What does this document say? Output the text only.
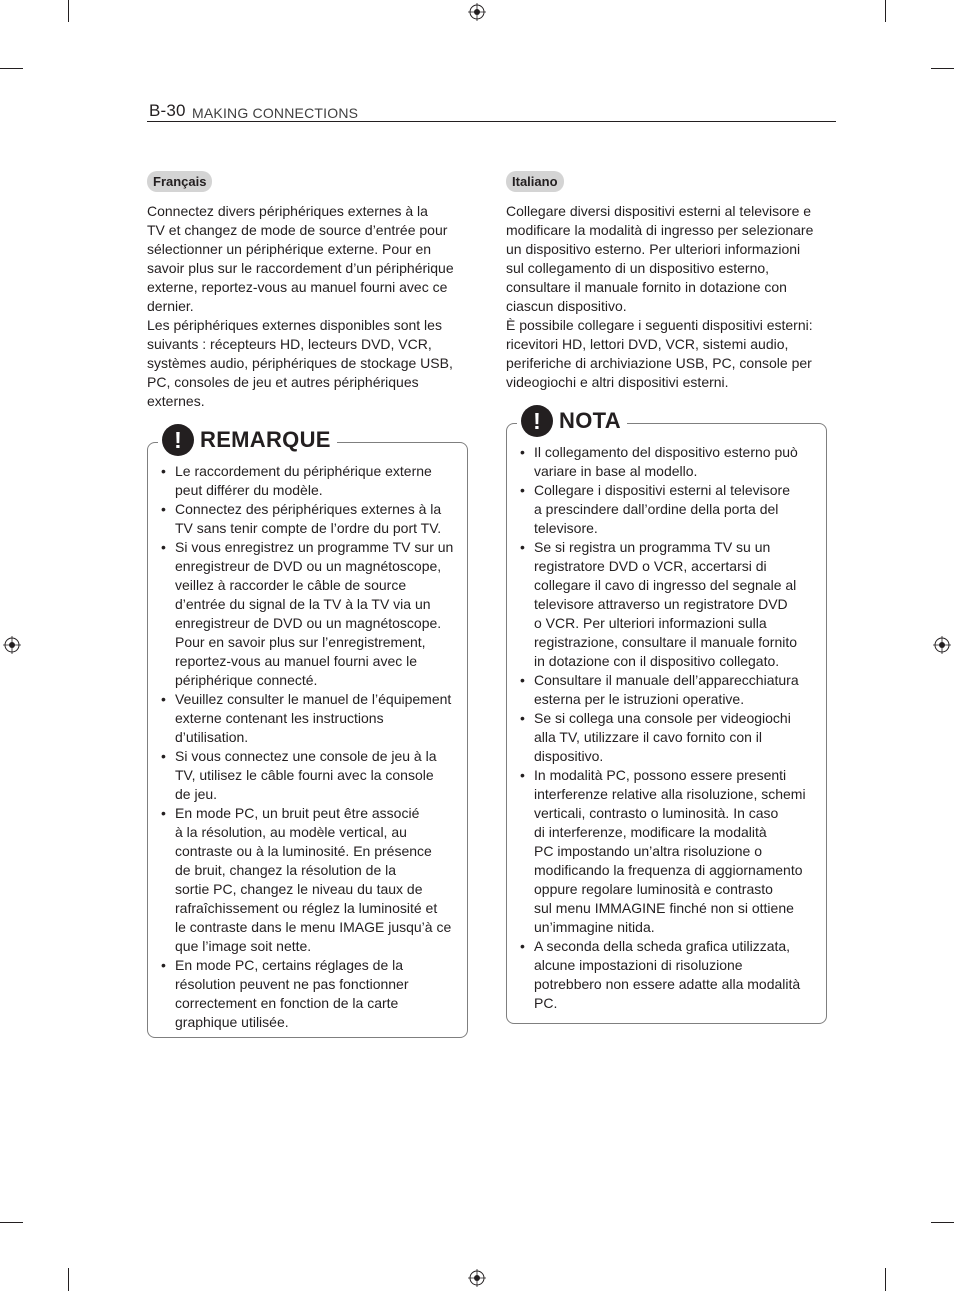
B-30 MAKING CONNECTIONS
Français
Connectez divers périphériques externes à la
TV et changez de mode de source d’entrée pour
sélectionner un périphérique externe. Pour en
savoir plus sur le raccordement d’un périphérique
externe, reportez-vous au manuel fourni avec ce
dernier.
Les périphériques externes disponibles sont les
suivants : récepteurs HD, lecteurs DVD, VCR,
systèmes audio, périphériques de stockage USB,
PC, consoles de jeu et autres périphériques
externes.
! REMARQUE
• Le raccordement du périphérique externe
peut différer du modèle.
• Connectez des périphériques externes à la
TV sans tenir compte de l’ordre du port TV.
• Si vous enregistrez un programme TV sur un
enregistreur de DVD ou un magnétoscope,
veillez à raccorder le câble de source
d’entrée du signal de la TV à la TV via un
enregistreur de DVD ou un magnétoscope.
Pour en savoir plus sur l’enregistrement,
reportez-vous au manuel fourni avec le
périphérique connecté.
• Veuillez consulter le manuel de l’équipement
externe contenant les instructions
d’utilisation.
• Si vous connectez une console de jeu à la
TV, utilisez le câble fourni avec la console
de jeu.
• En mode PC, un bruit peut être associé
à la résolution, au modèle vertical, au
contraste ou à la luminosité. En présence
de bruit, changez la résolution de la
sortie PC, changez le niveau du taux de
rafraîchissement ou réglez la luminosité et
le contraste dans le menu IMAGE jusqu’à ce
que l’image soit nette.
• En mode PC, certains réglages de la
résolution peuvent ne pas fonctionner
correctement en fonction de la carte
graphique utilisée.
Italiano
Collegare diversi dispositivi esterni al televisore e
modificare la modalità di ingresso per selezionare
un dispositivo esterno. Per ulteriori informazioni
sul collegamento di un dispositivo esterno,
consultare il manuale fornito in dotazione con
ciascun dispositivo.
È possibile collegare i seguenti dispositivi esterni:
ricevitori HD, lettori DVD, VCR, sistemi audio,
periferiche di archiviazione USB, PC, console per
videogiochi e altri dispositivi esterni.
! NOTA
• Il collegamento del dispositivo esterno può
variare in base al modello.
• Collegare i dispositivi esterni al televisore
a prescindere dall’ordine della porta del
televisore.
• Se si registra un programma TV su un
registratore DVD o VCR, accertarsi di
collegare il cavo di ingresso del segnale al
televisore attraverso un registratore DVD
o VCR. Per ulteriori informazioni sulla
registrazione, consultare il manuale fornito
in dotazione con il dispositivo collegato.
• Consultare il manuale dell’apparecchiatura
esterna per le istruzioni operative.
• Se si collega una console per videogiochi
alla TV, utilizzare il cavo fornito con il
dispositivo.
• In modalità PC, possono essere presenti
interferenze relative alla risoluzione, schemi
verticali, contrasto o luminosità. In caso
di interferenze, modificare la modalità
PC impostando un’altra risoluzione o
modificando la frequenza di aggiornamento
oppure regolare luminosità e contrasto
sul menu IMMAGINE finché non si ottiene
un’immagine nitida.
• A seconda della scheda grafica utilizzata,
alcune impostazioni di risoluzione
potrebbero non essere adatte alla modalità
PC.
